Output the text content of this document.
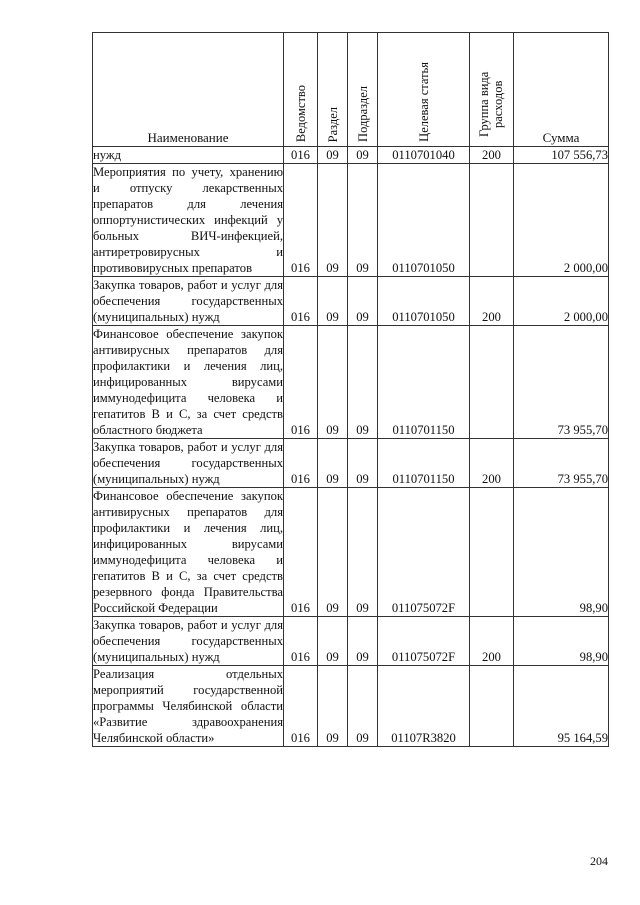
Наименование	Ведомство	Раздел	Подраздел	Целевая статья	Группа вида расходов	Сумма
нужд	016	09	09	0110701040	200	107 556,73
Мероприятия по учету, хранению и отпуску лекарственных препаратов для лечения оппортунистических инфекций у больных ВИЧ-инфекцией, антиретровирусных и противовирусных препаратов	016	09	09	0110701050		2 000,00
Закупка товаров, работ и услуг для обеспечения государственных (муниципальных) нужд	016	09	09	0110701050	200	2 000,00
Финансовое обеспечение закупок антивирусных препаратов для профилактики и лечения лиц, инфицированных вирусами иммунодефицита человека и гепатитов B и C, за счет средств областного бюджета	016	09	09	0110701150		73 955,70
Закупка товаров, работ и услуг для обеспечения государственных (муниципальных) нужд	016	09	09	0110701150	200	73 955,70
Финансовое обеспечение закупок антивирусных препаратов для профилактики и лечения лиц, инфицированных вирусами иммунодефицита человека и гепатитов B и C, за счет средств резервного фонда Правительства Российской Федерации	016	09	09	011075072F		98,90
Закупка товаров, работ и услуг для обеспечения государственных (муниципальных) нужд	016	09	09	011075072F	200	98,90
Реализация отдельных мероприятий государственной программы Челябинской области «Развитие здравоохранения Челябинской области»	016	09	09	01107R3820		95 164,59
204
